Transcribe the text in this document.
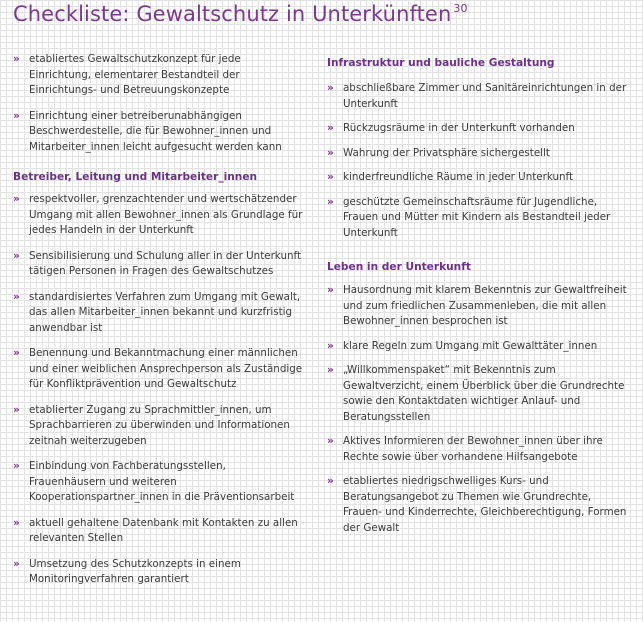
Checkliste: Gewaltschutz in Unterkünften $^{30}$
» etabliertes Gewaltschutzkonzept für jede Einrichtung, elementarer Bestandteil der Einrichtungs- und Betreuungskonzepte
» Einrichtung einer betreiberunabhängigen Beschwerdestelle, die für Bewohner_innen und Mitarbeiter_innen leicht aufgesucht werden kann
Betreiber, Leitung und Mitarbeiter_innen
» respektvoller, grenzachtender und wertschätzender Umgang mit allen Bewohner_innen als Grundlage für jedes Handeln in der Unterkunft
» Sensibilisierung und Schulung aller in der Unterkunft tätigen Personen in Fragen des Gewaltschutzes
» standardisiertes Verfahren zum Umgang mit Gewalt, das allen Mitarbeiter_innen bekannt und kurzfristig anwendbar ist
» Benennung und Bekanntmachung einer männlichen und einer weiblichen Ansprechperson als Zuständige für Konfliktprävention und Gewaltschutz
» etablierter Zugang zu Sprachmittler_innen, um Sprachbarrieren zu überwinden und Informationen zeitnah weiterzugeben
» Einbindung von Fachberatungsstellen, Frauenhäusern und weiteren Kooperationspartner_innen in die Präventionsarbeit
» aktuell gehaltene Datenbank mit Kontakten zu allen relevanten Stellen
» Umsetzung des Schutzkonzepts in einem Monitoringverfahren garantiert
Infrastruktur und bauliche Gestaltung
» abschließbare Zimmer und Sanitäreinrichtungen in der Unterkunft
» Rückzugsräume in der Unterkunft vorhanden
» Wahrung der Privatsphäre sichergestellt
» kinderfreundliche Räume in jeder Unterkunft
» geschützte Gemeinschaftsräume für Jugendliche, Frauen und Mütter mit Kindern als Bestandteil jeder Unterkunft
Leben in der Unterkunft
» Hausordnung mit klarem Bekenntnis zur Gewaltfreiheit und zum friedlichen Zusammenleben, die mit allen Bewohner_innen besprochen ist
» klare Regeln zum Umgang mit Gewalttäter_innen
» „Willkommenspaket“ mit Bekenntnis zum Gewaltverzicht, einem Überblick über die Grundrechte sowie den Kontaktdaten wichtiger Anlauf- und Beratungsstellen
» Aktives Informieren der Bewohner_innen über ihre Rechte sowie über vorhandene Hilfsangebote
» etabliertes niedrigschwelliges Kurs- und Beratungsangebot zu Themen wie Grundrechte, Frauen- und Kinderrechte, Gleichberechtigung, Formen der Gewalt
